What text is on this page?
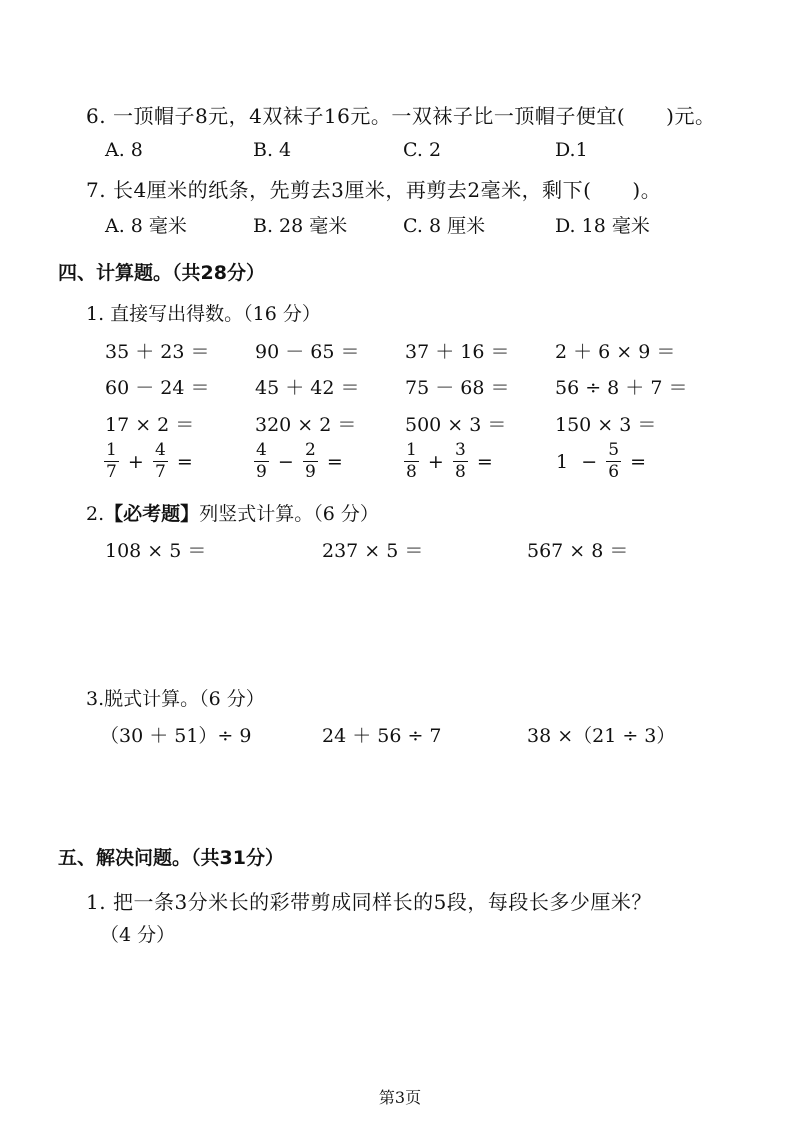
6. 一顶帽子8元，4双袜子16元。一双袜子比一顶帽子便宜(　　)元。
A. 8	B. 4	C. 2	D.1
7. 长4厘米的纸条，先剪去3厘米，再剪去2毫米，剩下(　　)。
A. 8 毫米	B. 28 毫米	C. 8 厘米	D. 18 毫米
四、计算题。（共28分）
1. 直接写出得数。（16 分）
35 ＋ 23 ＝ 90 － 65 ＝ 37 ＋ 16 ＝ 2 ＋ 6 × 9 ＝
60 － 24 ＝ 45 ＋ 42 ＝ 75 － 68 ＝ 56 ÷ 8 ＋ 7 ＝
17 × 2 ＝	320 × 2 ＝	500 × 3 ＝	150 × 3 ＝
$\frac{1}{7} + \frac{4}{7}$ =	$\frac{4}{9} - \frac{2}{9}$ =	$\frac{1}{8} + \frac{3}{8}$ =	$1 - \frac{5}{6}$ =
2.【必考题】列竖式计算。（6 分）
108 × 5 ＝	237 × 5 ＝	567 × 8 ＝
3.脱式计算。（6 分）
（30 ＋ 51）÷ 9	24 ＋ 56 ÷ 7	38 ×（21 ÷ 3）
五、解决问题。（共31分）
1. 把一条3分米长的彩带剪成同样长的5段，每段长多少厘米？
（4 分）
第3页
